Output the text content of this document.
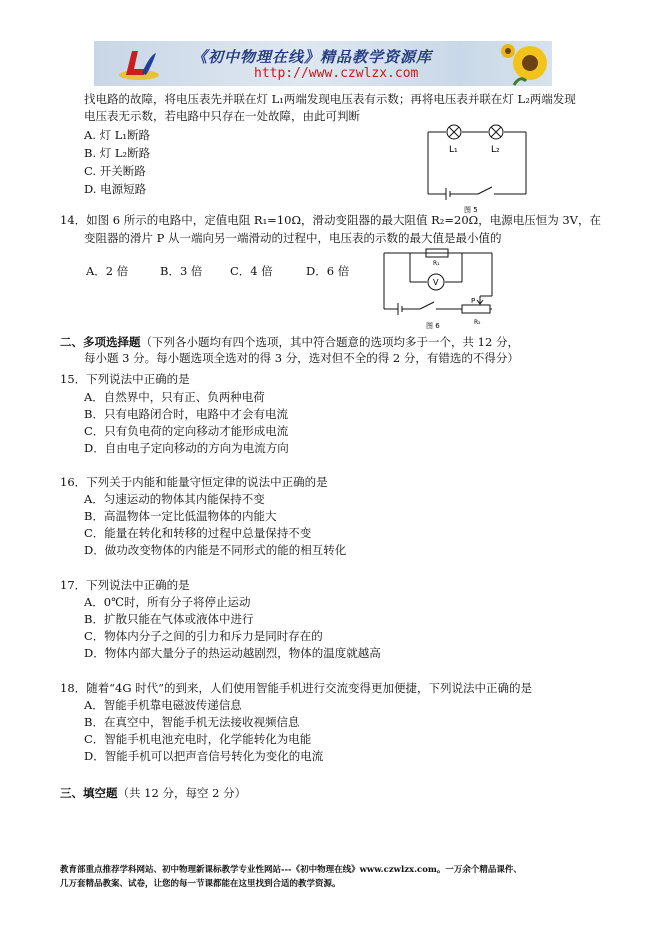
《初中物理在线》精品教学资源库
http://www.czwlzx.com
找电路的故障，将电压表先并联在灯 L₁两端发现电压表有示数；再将电压表并联在灯 L₂两端发现
电压表无示数，若电路中只存在一处故障，由此可判断
A. 灯 L₁断路
B. 灯 L₂断路
C. 开关断路
D. 电源短路
L₁	L₂
图 5
14．如图 6 所示的电路中，定值电阻 R₁=10Ω，滑动变阻器的最大阻值 R₂=20Ω，电源电压恒为 3V，在
变阻器的滑片 P 从一端向另一端滑动的过程中，电压表的示数的最大值是最小值的
A．2 倍	B．3 倍 C．4 倍	D．6 倍
R₁
V
P
R₂
图 6
二、多项选择题（下列各小题均有四个选项，其中符合题意的选项均多于一个，共 12 分，
每小题 3 分。每小题选项全选对的得 3 分，选对但不全的得 2 分，有错选的不得分）
15．下列说法中正确的是
A．自然界中，只有正、负两种电荷
B．只有电路闭合时，电路中才会有电流
C．只有负电荷的定向移动才能形成电流
D．自由电子定向移动的方向为电流方向
16．下列关于内能和能量守恒定律的说法中正确的是
A．匀速运动的物体其内能保持不变
B．高温物体一定比低温物体的内能大
C．能量在转化和转移的过程中总量保持不变
D．做功改变物体的内能是不同形式的能的相互转化
17．下列说法中正确的是
A．0℃时，所有分子将停止运动
B．扩散只能在气体或液体中进行
C．物体内分子之间的引力和斥力是同时存在的
D．物体内部大量分子的热运动越剧烈，物体的温度就越高
18．随着“4G 时代”的到来，人们使用智能手机进行交流变得更加便捷，下列说法中正确的是
A．智能手机靠电磁波传递信息
B．在真空中，智能手机无法接收视频信息
C．智能手机电池充电时，化学能转化为电能
D．智能手机可以把声音信号转化为变化的电流
三、填空题（共 12 分，每空 2 分）
教育部重点推荐学科网站、初中物理新课标教学专业性网站---《初中物理在线》www.czwlzx.com。一万余个精品课件、
几万套精品教案、试卷，让您的每一节课都能在这里找到合适的教学资源。
